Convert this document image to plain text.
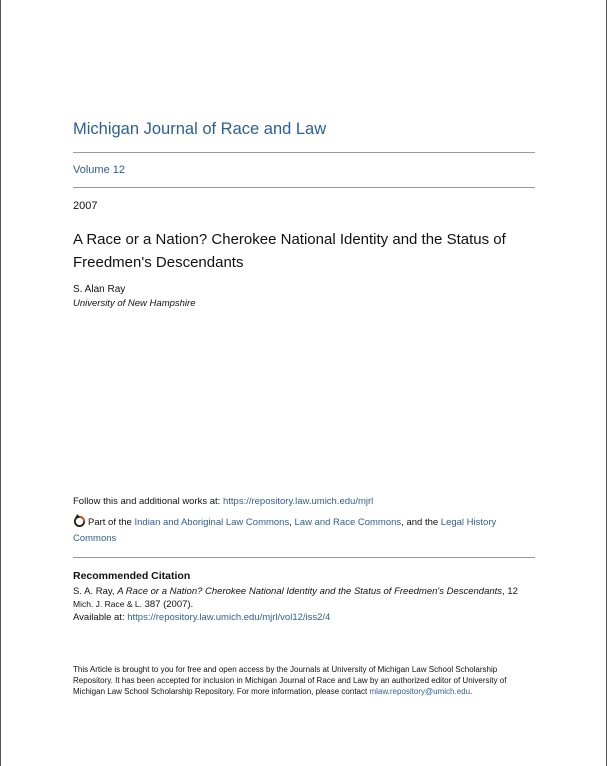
Michigan Journal of Race and Law
Volume 12
2007
A Race or a Nation? Cherokee National Identity and the Status of Freedmen's Descendants
S. Alan Ray
University of New Hampshire
Follow this and additional works at: https://repository.law.umich.edu/mjrl
Part of the Indian and Aboriginal Law Commons, Law and Race Commons, and the Legal History Commons
Recommended Citation
S. A. Ray, A Race or a Nation? Cherokee National Identity and the Status of Freedmen's Descendants, 12
Mich. J. Race & L. 387 (2007).
Available at: https://repository.law.umich.edu/mjrl/vol12/iss2/4
This Article is brought to you for free and open access by the Journals at University of Michigan Law School Scholarship Repository. It has been accepted for inclusion in Michigan Journal of Race and Law by an authorized editor of University of Michigan Law School Scholarship Repository. For more information, please contact mlaw.repository@umich.edu.
